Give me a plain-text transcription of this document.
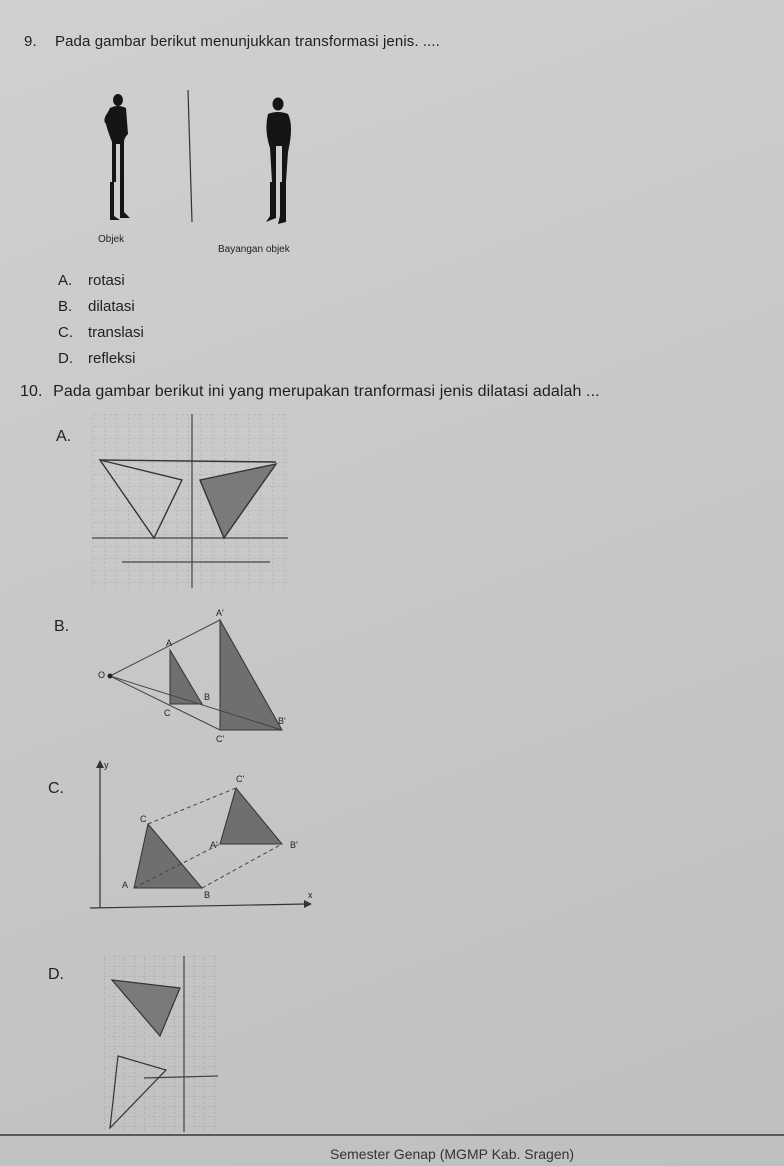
9. Pada gambar berikut menunjukkan transformasi jenis. ....
Objek
Bayangan objek
A. rotasi
B. dilatasi
C. translasi
D. refleksi
10. Pada gambar berikut ini yang merupakan tranformasi jenis dilatasi adalah ...
A.
B.
O
A
A'
B
B'
C
C'
C.
y
x
C
C'
A
A'
B
B'
D.
Semester Genap (MGMP Kab. Sragen)
